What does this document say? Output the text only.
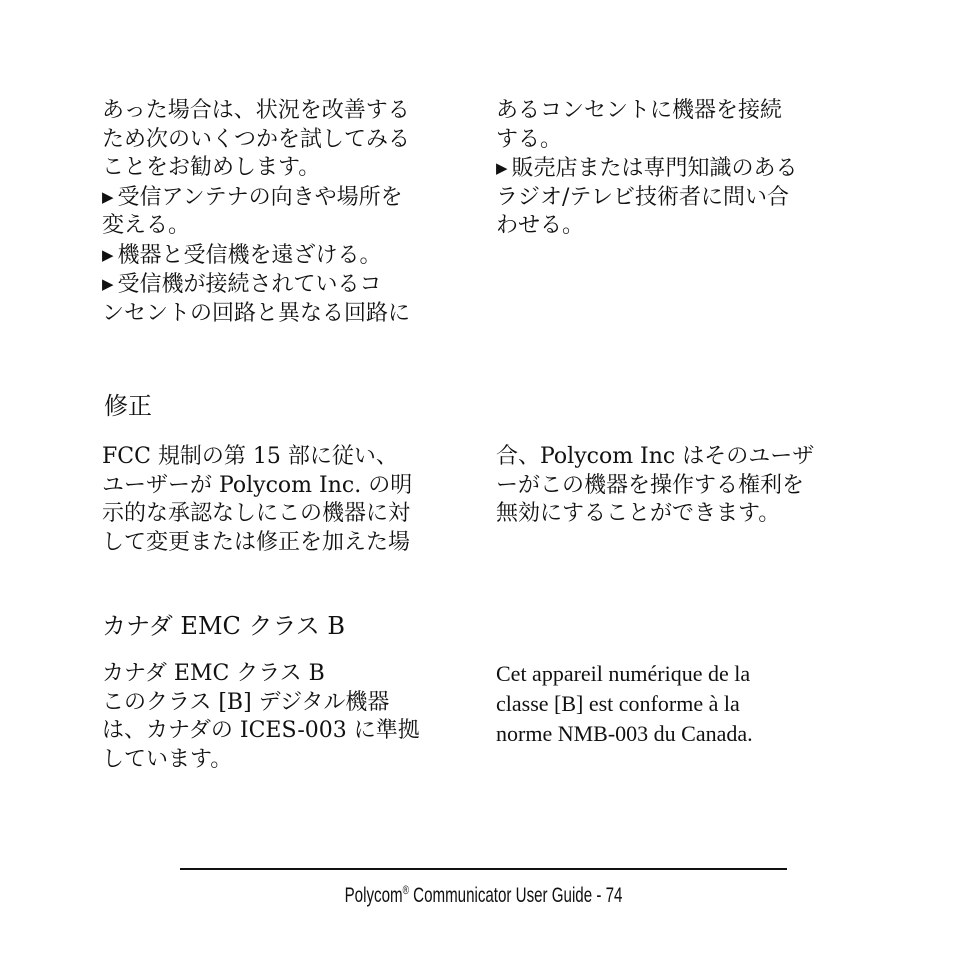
あった場合は、状況を改善する
ため次のいくつかを試してみる
ことをお勧めします。
▶ 受信アンテナの向きや場所を
変える。
▶ 機器と受信機を遠ざける。
▶ 受信機が接続されているコ
ンセントの回路と異なる回路に
あるコンセントに機器を接続
する。
▶ 販売店または専門知識のある
ラジオ/テレビ技術者に問い合
わせる。
修正
FCC 規制の第 15 部に従い、
ユーザーが Polycom Inc. の明
示的な承認なしにこの機器に対
して変更または修正を加えた場
合、Polycom Inc はそのユーザ
ーがこの機器を操作する権利を
無効にすることができます。
カナダ EMC クラス B
カナダ EMC クラス B
このクラス [B] デジタル機器
は、カナダの ICES-003 に準拠
しています。
Cet appareil numérique de la
classe [B] est conforme à la
norme NMB-003 du Canada.
Polycom® Communicator User Guide - 74
